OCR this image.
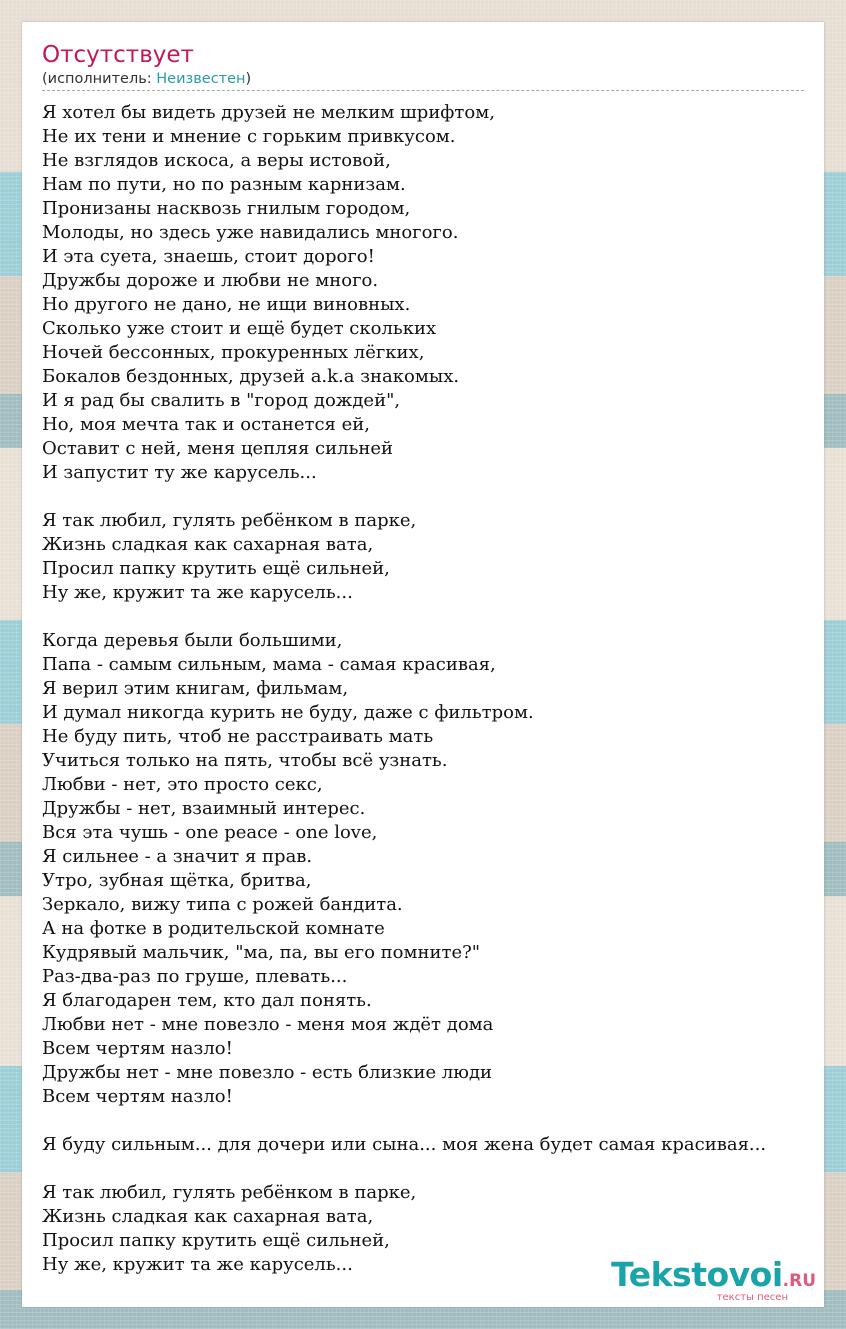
Отсутствует
(исполнитель: Неизвестен)
Я хотел бы видеть друзей не мелким шрифтом,
Не их тени и мнение с горьким привкусом.
Не взглядов искоса, а веры истовой,
Нам по пути, но по разным карнизам.
Пронизаны насквозь гнилым городом,
Молоды, но здесь уже навидались многого.
И эта суета, знаешь, стоит дорого!
Дружбы дороже и любви не много.
Но другого не дано, не ищи виновных.
Сколько уже стоит и ещё будет скольких
Ночей бессонных, прокуренных лёгких,
Бокалов бездонных, друзей a.k.a знакомых.
И я рад бы свалить в "город дождей",
Но, моя мечта так и останется ей,
Оставит с ней, меня цепляя сильней
И запустит ту же карусель...
Я так любил, гулять ребёнком в парке,
Жизнь сладкая как сахарная вата,
Просил папку крутить ещё сильней,
Ну же, кружит та же карусель...
Когда деревья были большими,
Папа - самым сильным, мама - самая красивая,
Я верил этим книгам, фильмам,
И думал никогда курить не буду, даже с фильтром.
Не буду пить, чтоб не расстраивать мать
Учиться только на пять, чтобы всё узнать.
Любви - нет, это просто секс,
Дружбы - нет, взаимный интерес.
Вся эта чушь - one peace - one love,
Я сильнее - а значит я прав.
Утро, зубная щётка, бритва,
Зеркало, вижу типа с рожей бандита.
А на фотке в родительской комнате
Кудрявый мальчик, "ма, па, вы его помните?"
Раз-два-раз по груше, плевать...
Я благодарен тем, кто дал понять.
Любви нет - мне повезло - меня моя ждёт дома
Всем чертям назло!
Дружбы нет - мне повезло - есть близкие люди
Всем чертям назло!
Я буду сильным... для дочери или сына... моя жена будет самая красивая...
Я так любил, гулять ребёнком в парке,
Жизнь сладкая как сахарная вата,
Просил папку крутить ещё сильней,
Ну же, кружит та же карусель...	Tekstovoi.RU
тексты песен
